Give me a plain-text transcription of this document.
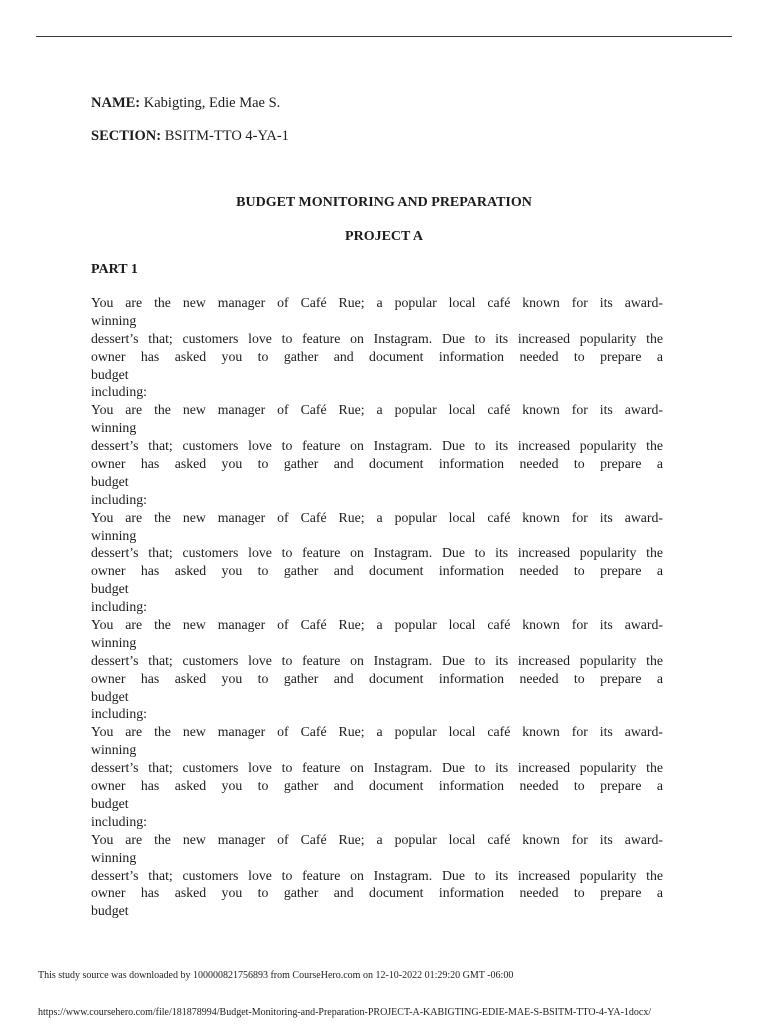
NAME: Kabigting, Edie Mae S.
SECTION: BSITM-TTO 4-YA-1
BUDGET MONITORING AND PREPARATION
PROJECT A
PART 1
You are the new manager of Café Rue; a popular local café known for its award-
winning
dessert’s that; customers love to feature on Instagram. Due to its increased popularity the
owner has asked you to gather and document information needed to prepare a
budget
including:
You are the new manager of Café Rue; a popular local café known for its award-
winning
dessert’s that; customers love to feature on Instagram. Due to its increased popularity the
owner has asked you to gather and document information needed to prepare a
budget
including:
You are the new manager of Café Rue; a popular local café known for its award-
winning
dessert’s that; customers love to feature on Instagram. Due to its increased popularity the
owner has asked you to gather and document information needed to prepare a
budget
including:
You are the new manager of Café Rue; a popular local café known for its award-
winning
dessert’s that; customers love to feature on Instagram. Due to its increased popularity the
owner has asked you to gather and document information needed to prepare a
budget
including:
You are the new manager of Café Rue; a popular local café known for its award-
winning
dessert’s that; customers love to feature on Instagram. Due to its increased popularity the
owner has asked you to gather and document information needed to prepare a
budget
including:
You are the new manager of Café Rue; a popular local café known for its award-
winning
dessert’s that; customers love to feature on Instagram. Due to its increased popularity the
owner has asked you to gather and document information needed to prepare a
budget
This study source was downloaded by 100000821756893 from CourseHero.com on 12-10-2022 01:29:20 GMT -06:00
https://www.coursehero.com/file/181878994/Budget-Monitoring-and-Preparation-PROJECT-A-KABIGTING-EDIE-MAE-S-BSITM-TTO-4-YA-1docx/
